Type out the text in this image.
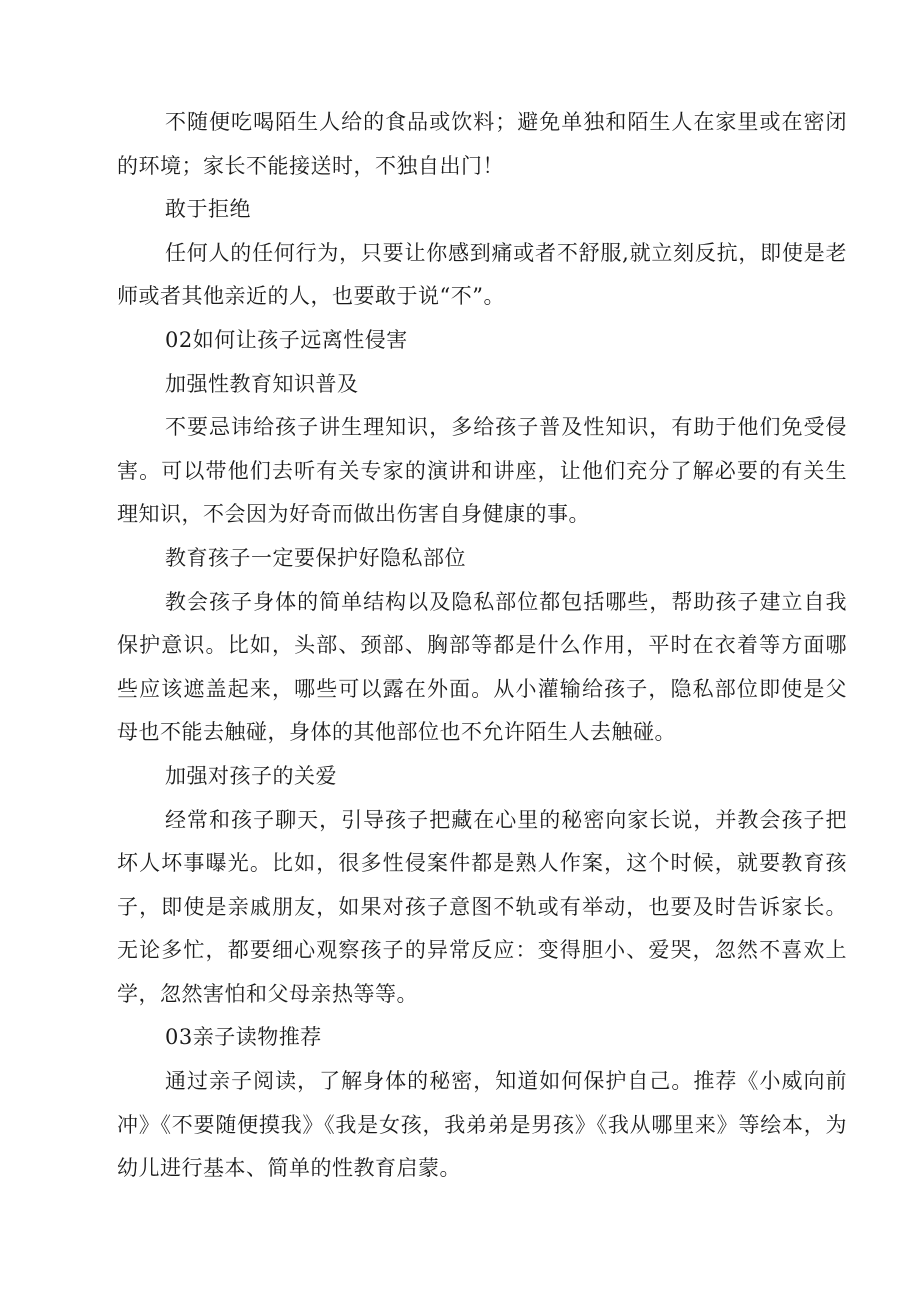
不随便吃喝陌生人给的食品或饮料；避免单独和陌生人在家里或在密闭的环境；家长不能接送时，不独自出门！

敢于拒绝

任何人的任何行为，只要让你感到痛或者不舒服,就立刻反抗，即使是老师或者其他亲近的人，也要敢于说“不”。

02如何让孩子远离性侵害

加强性教育知识普及

不要忌讳给孩子讲生理知识，多给孩子普及性知识，有助于他们免受侵害。可以带他们去听有关专家的演讲和讲座，让他们充分了解必要的有关生理知识，不会因为好奇而做出伤害自身健康的事。

教育孩子一定要保护好隐私部位

教会孩子身体的简单结构以及隐私部位都包括哪些，帮助孩子建立自我保护意识。比如，头部、颈部、胸部等都是什么作用，平时在衣着等方面哪些应该遮盖起来，哪些可以露在外面。从小灌输给孩子，隐私部位即使是父母也不能去触碰，身体的其他部位也不允许陌生人去触碰。

加强对孩子的关爱

经常和孩子聊天，引导孩子把藏在心里的秘密向家长说，并教会孩子把坏人坏事曝光。比如，很多性侵案件都是熟人作案，这个时候，就要教育孩子，即使是亲戚朋友，如果对孩子意图不轨或有举动，也要及时告诉家长。无论多忙，都要细心观察孩子的异常反应：变得胆小、爱哭，忽然不喜欢上学，忽然害怕和父母亲热等等。

03亲子读物推荐

通过亲子阅读，了解身体的秘密，知道如何保护自己。推荐《小威向前冲》《不要随便摸我》《我是女孩，我弟弟是男孩》《我从哪里来》等绘本，为幼儿进行基本、简单的性教育启蒙。
